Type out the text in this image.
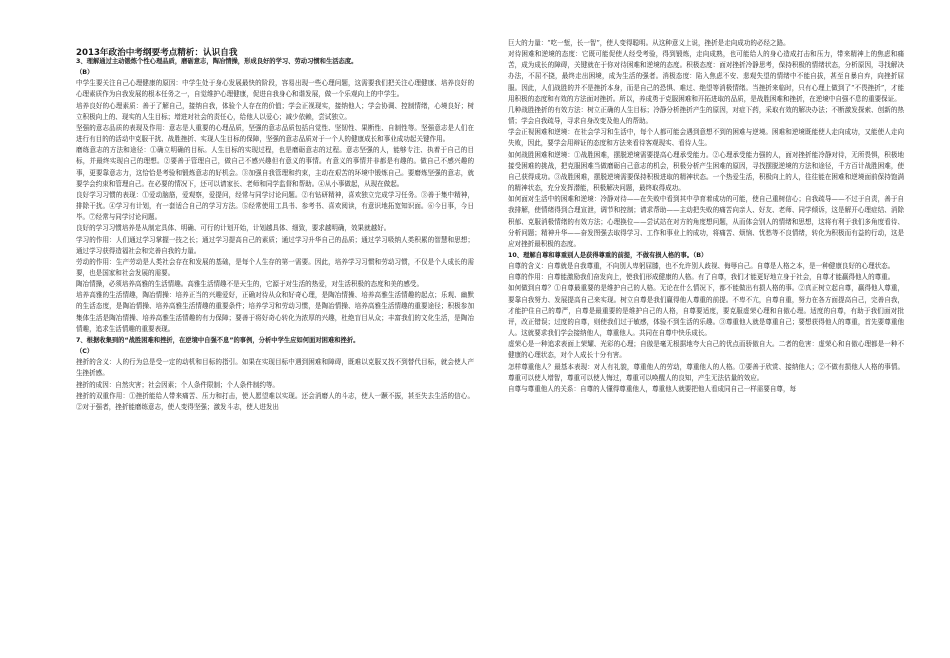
2013年政治中考纲要考点精析：认识自我

3、理解通过主动锻炼个性心理品质，磨砺意志，陶冶情操，形成良好的学习、劳动习惯和生活态度。

（B）

中学生要关注自己心理健康的原因：中学生处于身心发展最快的阶段，容易出现一些心理问题，这需要我们把关注心理健康、培养良好的心理素质作为自我发展的根本任务之一，自觉维护心理健康，促进自我身心和谐发展，做一个乐观向上的中学生。

培养良好的心理素质：善于了解自己，接纳自我，体验个人存在的价值；学会正视现实，接纳他人；学会协调、控制情绪，心境良好；树立积极向上的、现实的人生目标；增进对社会的责任心，给他人以爱心；减少依赖，尝试独立。

坚强的意志品质的表现及作用：意志是人重要的心理品质，坚强的意志品质包括自觉性、坚韧性、果断性、自制性等。坚强意志是人们在进行有目的的活动中克服干扰、战胜挫折、实现人生目标的保障，坚强的意志品质对于一个人的健康成长和事业成功起关键作用。

磨练意志的方法和途径：①确立明确的目标。人生目标的实现过程，也是磨砺意志的过程。意志坚强的人，能够专注、执着于自己的目标，并最终实现自己的理想。②要善于管理自己，做自己不感兴趣但有意义的事情。有意义的事情并非都是有趣的。做自己不感兴趣的事，更要靠意志力，这恰恰是考验和锻炼意志的好机会。③加强自我管理和约束，主动在艰苦的环境中锻炼自己。要磨炼坚强的意志，就要学会约束和管理自己。在必要的情况下，还可以请家长、老师和同学监督和帮助。④从小事做起，从现在做起。

良好学习习惯的表现：①爱动脑筋，爱观察，爱提问，经常与同学讨论问题。②有钻研精神，喜欢独立完成学习任务。③善于集中精神，排除干扰。④学习有计划，有一套适合自己的学习方法。⑤经常使用工具书、参考书、喜欢阅读，有意识地拓宽知识面。⑥今日事，今日毕。⑦经常与同学讨论问题。

良好的学习习惯培养是从制定具体、明确、可行的计划开始，计划越具体、细致，要求越明确，效果就越好。

学习的作用：人们通过学习掌握一技之长；通过学习提高自己的素质；通过学习升华自己的品质；通过学习吸纳人类积累的智慧和思想；通过学习获得造福社会和完善自我的力量。

劳动的作用：生产劳动是人类社会存在和发展的基础，是每个人生存的第一需要。因此，培养学习习惯和劳动习惯，不仅是个人成长的需要，也是国家和社会发展的需要。

陶冶情操，必须培养高雅的生活情趣。高雅生活情趣不是天生的，它源于对生活的热爱，对生活积极的态度和美的感受。

培养高雅的生活情趣，陶冶情操：培养正当的兴趣爱好，正确对待从众和好奇心理，是陶冶情操、培养高雅生活情趣的起点；乐观、幽默的生活态度，是陶冶情操、培养高雅生活情趣的重要条件；培养学习和劳动习惯，是陶冶情操、培养高雅生活情趣的重要途径；积极参加集体生活是陶冶情操、培养高雅生活情趣的有力保障；要善于将好奇心转化为浓厚的兴趣，杜绝盲目从众；丰富我们的文化生活，是陶冶情趣，追求生活情趣的重要表现。

7、根据收集到的“战胜困难和挫折，在逆境中自强不息”的事例，分析中学生应如何面对困难和挫折。

（C）

挫折的含义：人的行为总是受一定的动机和目标的指引。如果在实现目标中遇到困难和障碍，既难以克服又找不到替代目标，就会使人产生挫折感。

挫折的成因：自然灾害；社会因素；个人条件限制；个人条件制约等。

挫折的双重作用：①挫折能给人带来痛苦、压力和打击，使人愿望难以实现。还会消磨人的斗志，使人一蹶不振，甚至失去生活的信心。②对于强者，挫折能磨练意志，使人变得坚强；激发斗志，使人进发出

巨大的力量：“吃一堑，长一智”，使人变得聪明。从这种意义上说，挫折是走向成功的必经之路。

对待困难和逆境的态度：它既可能促使人经受考验，得到锻炼，走向成熟，也可能给人的身心造成打击和压力，带来精神上的焦虑和痛苦，成为成长的障碍，关键就在于你对待困难和逆境的态度。积极态度：面对挫折冷静思考，保持积极的情绪状态，分析原因，寻找解决办法，不屈不挠，最终走出困境，成为生活的强者。消极态度：陷入焦虑不安、悲观失望的情绪中不能自拔，甚至自暴自弃，向挫折屈服。因此，人们战胜的并不是挫折本身，而是自己的恐惧、难过、绝望等消极情绪。当挫折来临时，只有心理上做到了“不畏挫折”，才能用积极的态度和有效的方法面对挫折。所以，养成勇于克服困难和开拓进取的品质，是战胜困难和挫折，在逆境中自强不息的重要保证。

几种战胜挫折的有效方法：树立正确的人生目标；冷静分析挫折产生的原因，对症下药，采取有效的解决办法；不断激发探索、创新的热情；学会自我疏导，寻求自身改变及他人的帮助。

学会正视困难和逆境：在社会学习和生活中，每个人都可能会遇到意想不到的困难与逆境。困难和逆境既能使人走向成功，又能使人走向失败，因此，要学会用辩证的态度和方法来看待客观现实、看待人生。

如何战胜困难和逆境：①战胜困难，摆脱逆境需要提高心理承受能力。②心理承受能力强的人，面对挫折能冷静对待，无所畏惧，积极地接受困难的挑战，把克服困难当做磨砺自己意志的机会，积极分析产生困难的原因，寻找摆脱逆境的方法和途径，千方百计战胜困难，使自己获得成功。③战胜困难，摆脱逆境需要保持积极进取的精神状态。一个热爱生活，积极向上的人，往往能在困难和逆境面前保持饱满的精神状态，充分发挥潜能，积极解决问题，最终取得成功。

如何面对生活中的困难和逆境：冷静对待——在失败中看到其中孕育着成功的可能，使自己重树信心；自我疏导——不过于自责，善于自我排解，使情绪得到合理宣泄，调节和控制；请求帮助——主动把失败的痛苦向亲人、好友、老师、同学倾诉，这是解开心理症结、消除积郁、克服消极情绪的有效方法；心理换位——尝试站在对方的角度想问题，从而体会别人的情绪和思想，这将有利于我们多角度看待、分析问题；精神升华——奋发图强去取得学习、工作和事业上的成功，将痛苦、烦恼、忧愁等不良情绪，转化为积极而有益的行动，这是应对挫折最积极的态度。

10、理解自尊和尊重别人是获得尊重的前提，不做有损人格的事。（B）

自尊的含义：自尊就是自我尊重，不向别人卑躬屈膝，也不允许别人歧视、侮辱自己。自尊是人格之本，是一种健康良好的心理状态。

自尊的作用：自尊能激励我们奋发向上，使我们形成健康的人格。有了自尊，我们才能更好地立身于社会，自尊才能赢得他人的尊重。

如何做到自尊？①自尊最重要的是维护自己的人格。无论在什么情况下，都不能做出有损人格的事。②真正树立起自尊，赢得他人尊重，要靠自我努力、发展提高自己来实现。树立自尊是我们赢得他人尊重的前提。不卑不亢，自尊自重，努力在各方面提高自己，完善自我，才能护住自己的尊严，自尊是最重要的是维护自己的人格，自尊要适度，要克服虚荣心理和自傲心理。适度的自尊，有助于我们面对批评，改正错误；过度的自尊，则使我们过于敏感，体验不到生活的乐趣。③尊重他人就是尊重自己；要想获得他人的尊重，首先要尊重他人。这就要求我们学会接纳他人，尊重他人。共同在自尊中快乐成长。

虚荣心是一种追求表面上荣耀、光彩的心理；自傲是毫无根据地夸大自己的优点而骄傲自大。二者的危害：虚荣心和自傲心理都是一种不健康的心理状态，对个人成长十分有害。

怎样尊重他人？最基本表现：对人有礼貌，尊重他人的劳动，尊重他人的人格。①要善于欣赏、接纳他人；②不做有损他人人格的事情。尊重可以使人增智，尊重可以使人悔过，尊重可以唤醒人的良知，产生无法估量的效应。

自尊与尊重他人的关系：自尊的人懂得尊重他人，尊重他人就要把他人看成同自己一样需要自尊，每
